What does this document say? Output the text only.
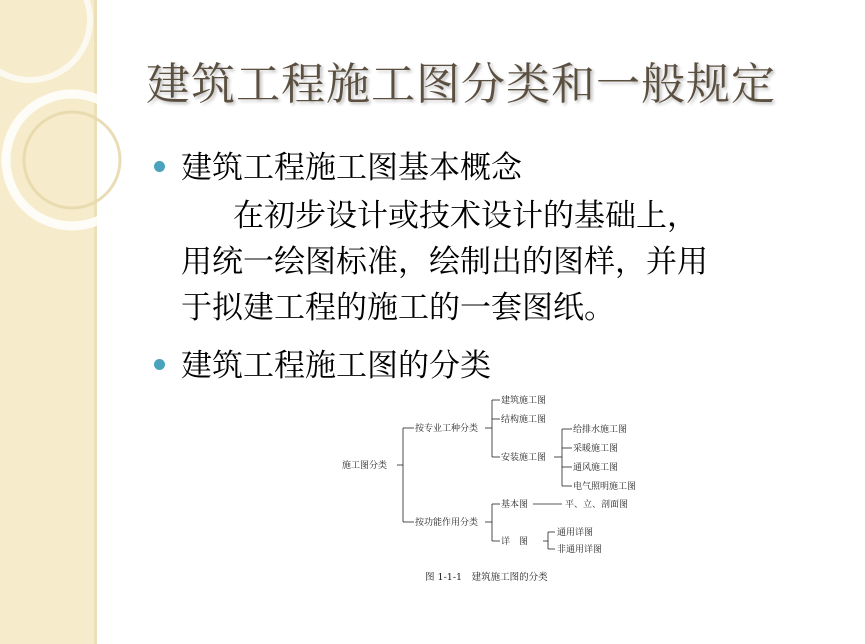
建筑工程施工图分类和一般规定
建筑工程施工图基本概念
在初步设计或技术设计的基础上，
用统一绘图标准，绘制出的图样，并用
于拟建工程的施工的一套图纸。
建筑工程施工图的分类
施工图分类
按专业工种分类
建筑施工图
结构施工图
安装施工图
给排水施工图
采暖施工图
通风施工图
电气照明施工图
按功能作用分类
基本图	平、立、剖面图
详　图
通用详图
非通用详图
图 1-1-1　建筑施工图的分类
